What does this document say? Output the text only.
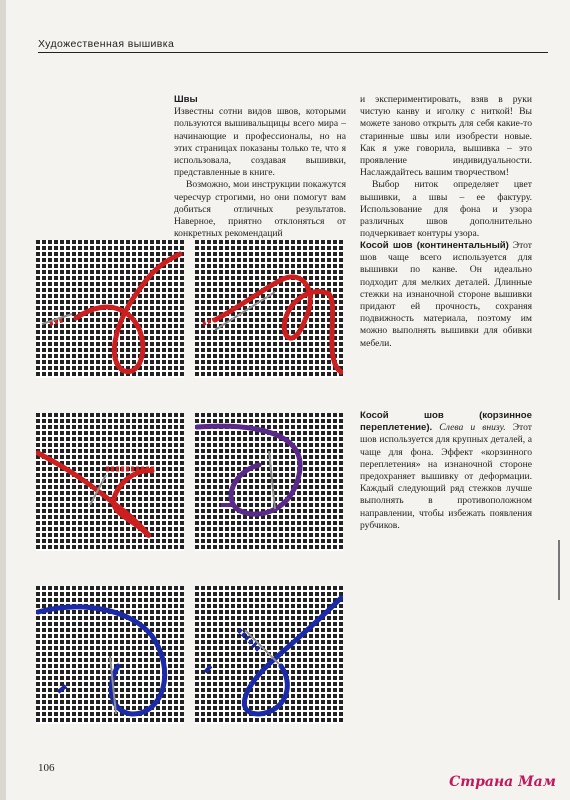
Художественная вышивка

Швы

Известны сотни видов швов, которыми пользуются вышивальщицы всего мира – начинающие и профессионалы, но на этих страницах показаны только те, что я использовала, создавая вышивки, представленные в книге.

Возможно, мои инструкции покажутся чересчур строгими, но они помогут вам добиться отличных результатов. Наверное, приятно отклоняться от конкретных рекомендаций

и экспериментировать, взяв в руки чистую канву и иголку с ниткой! Вы можете заново открыть для себя какие-то старинные швы или изобрести новые. Как я уже говорила, вышивка – это проявление индивидуальности. Наслаждайтесь вашим творчеством!

Выбор ниток определяет цвет вышивки, а швы – ее фактуру. Использование для фона и узора различных швов дополнительно подчеркивает контуры узора.

Косой шов (континентальный) Этот шов чаще всего используется для вышивки по канве. Он идеально подходит для мелких деталей. Длинные стежки на изнаночной стороне вышивки придают ей прочность, сохраняя подвижность материала, поэтому им можно выполнять вышивки для обивки мебели.

Косой шов (корзинное переплетение). Слева и внизу. Этот шов используется для крупных деталей, а чаще для фона. Эффект «корзинного переплетения» на изнаночной стороне предохраняет вышивку от деформации. Каждый следующий ряд стежков лучше выполнять в противоположном направлении, чтобы избежать появления рубчиков.

106
Страна Мам
